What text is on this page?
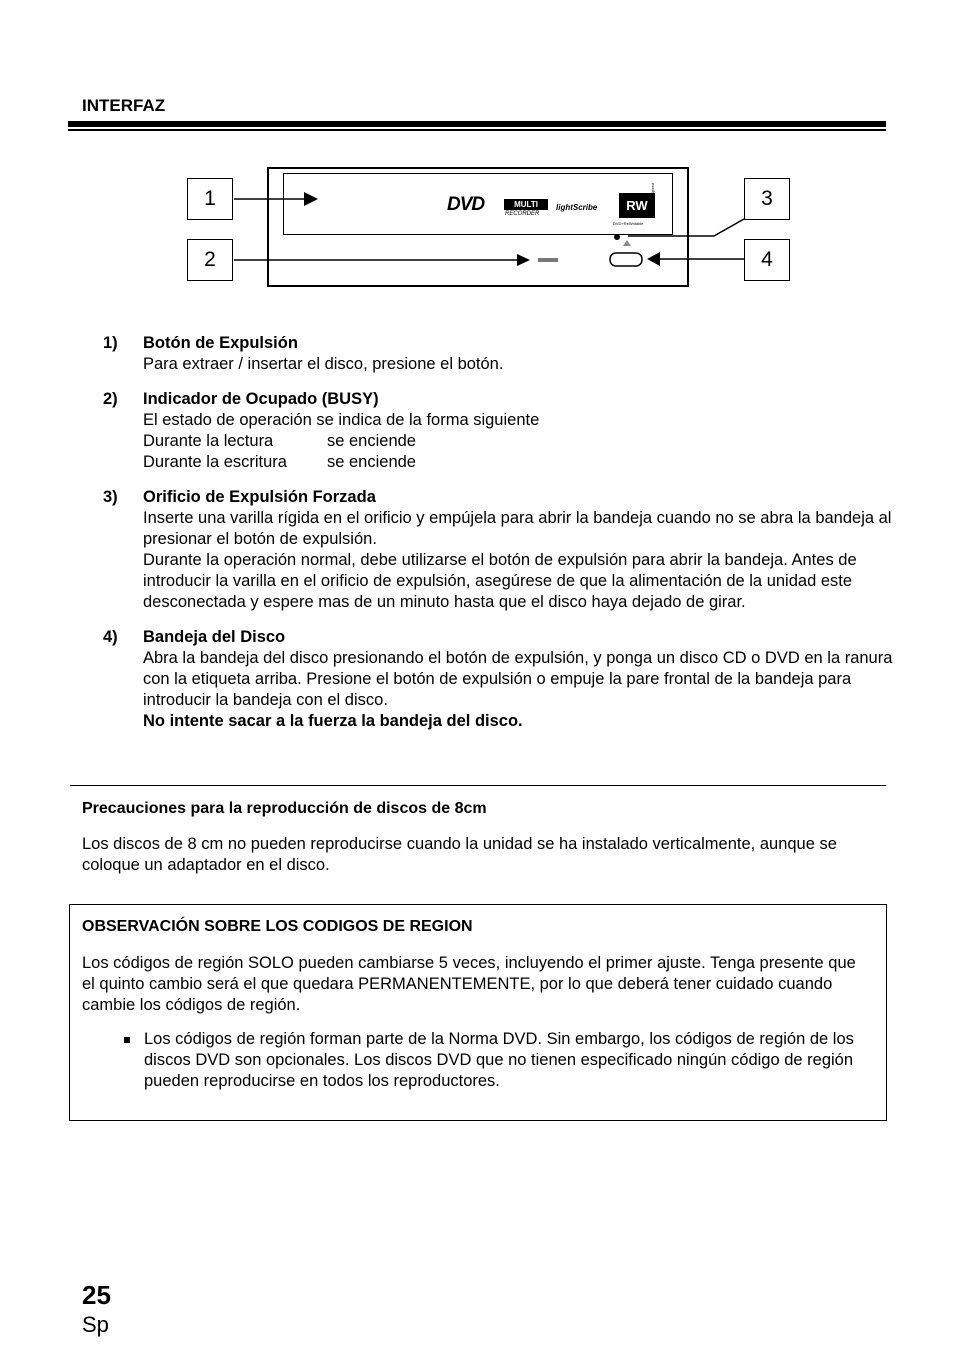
INTERFAZ
1
2
3
4
DVD	MULTI
RECORDER
lightScribe	RW
DVD+ReWritable
High Speed
1) Botón de Expulsión
Para extraer / insertar el disco, presione el botón.
2) Indicador de Ocupado (BUSY)
El estado de operación se indica de la forma siguiente
Durante la lectura	se enciende
Durante la escritura	se enciende
3) Orificio de Expulsión Forzada
Inserte una varilla rígida en el orificio y empújela para abrir la bandeja cuando no se abra la bandeja al presionar el botón de expulsión.
Durante la operación normal, debe utilizarse el botón de expulsión para abrir la bandeja. Antes de introducir la varilla en el orificio de expulsión, asegúrese de que la alimentación de la unidad este desconectada y espere mas de un minuto hasta que el disco haya dejado de girar.
4) Bandeja del Disco
Abra la bandeja del disco presionando el botón de expulsión, y ponga un disco CD o DVD en la ranura con la etiqueta arriba. Presione el botón de expulsión o empuje la pare frontal de la bandeja para introducir la bandeja con el disco.
No intente sacar a la fuerza la bandeja del disco.
Precauciones para la reproducción de discos de 8cm
Los discos de 8 cm no pueden reproducirse cuando la unidad se ha instalado verticalmente, aunque se coloque un adaptador en el disco.
OBSERVACIÓN SOBRE LOS CODIGOS DE REGION
Los códigos de región SOLO pueden cambiarse 5 veces, incluyendo el primer ajuste. Tenga presente que el quinto cambio será el que quedara PERMANENTEMENTE, por lo que deberá tener cuidado cuando cambie los códigos de región.
Los códigos de región forman parte de la Norma DVD. Sin embargo, los códigos de región de los discos DVD son opcionales. Los discos DVD que no tienen especificado ningún código de región pueden reproducirse en todos los reproductores.
25
Sp
